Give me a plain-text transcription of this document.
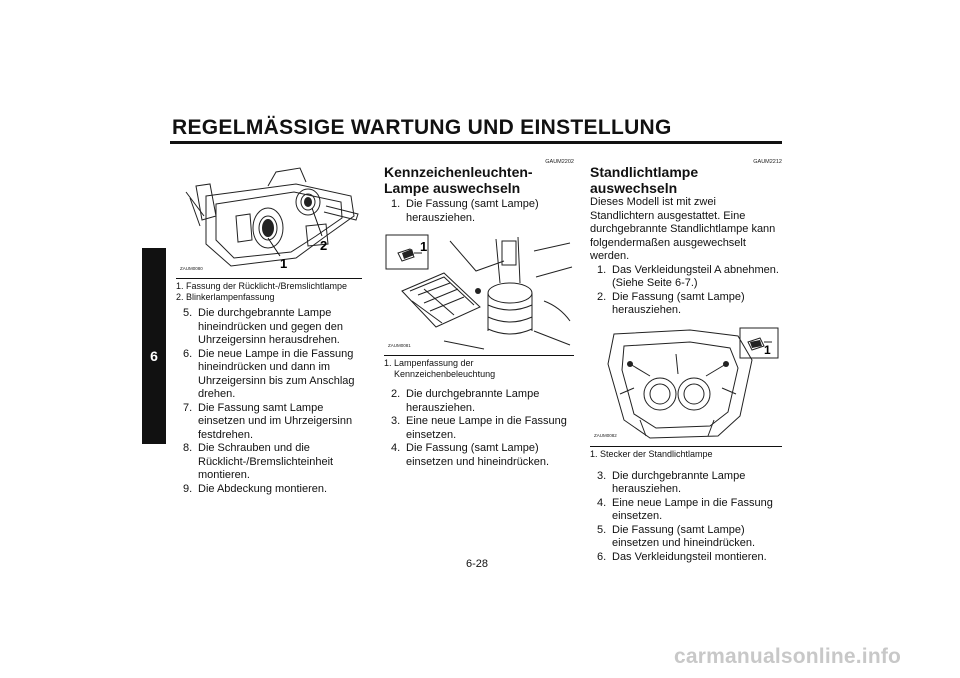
REGELMÄSSIGE WARTUNG UND EINSTELLUNG
6
1
2
ZAUM0080
1. Fassung der Rücklicht-/Bremslichtlampe
2. Blinkerlampenfassung
5. Die durchgebrannte Lampe hineindrücken und gegen den Uhrzeigersinn herausdrehen.
6. Die neue Lampe in die Fassung hineindrücken und dann im Uhrzeigersinn bis zum Anschlag drehen.
7. Die Fassung samt Lampe einsetzen und im Uhrzeigersinn festdrehen.
8. Die Schrauben und die Rücklicht-/Bremslichteinheit montieren.
9. Die Abdeckung montieren.
GAUM2202
Kennzeichenleuchten-Lampe auswechseln
1. Die Fassung (samt Lampe) herausziehen.
1
ZAUM0081
1. Lampenfassung der Kennzeichenbeleuchtung
2. Die durchgebrannte Lampe herausziehen.
3. Eine neue Lampe in die Fassung einsetzen.
4. Die Fassung (samt Lampe) einsetzen und hineindrücken.
GAUM2212
Standlichtlampe auswechseln

Dieses Modell ist mit zwei Standlichtern ausgestattet. Eine durchgebrannte Standlichtlampe kann folgendermaßen ausgewechselt werden.

1. Das Verkleidungsteil A abnehmen. (Siehe Seite 6-7.)
2. Die Fassung (samt Lampe) herausziehen.
1
ZAUM0082
1. Stecker der Standlichtlampe
3. Die durchgebrannte Lampe herausziehen.
4. Eine neue Lampe in die Fassung einsetzen.
5. Die Fassung (samt Lampe) einsetzen und hineindrücken.
6. Das Verkleidungsteil montieren.
6-28
carmanualsonline.info
